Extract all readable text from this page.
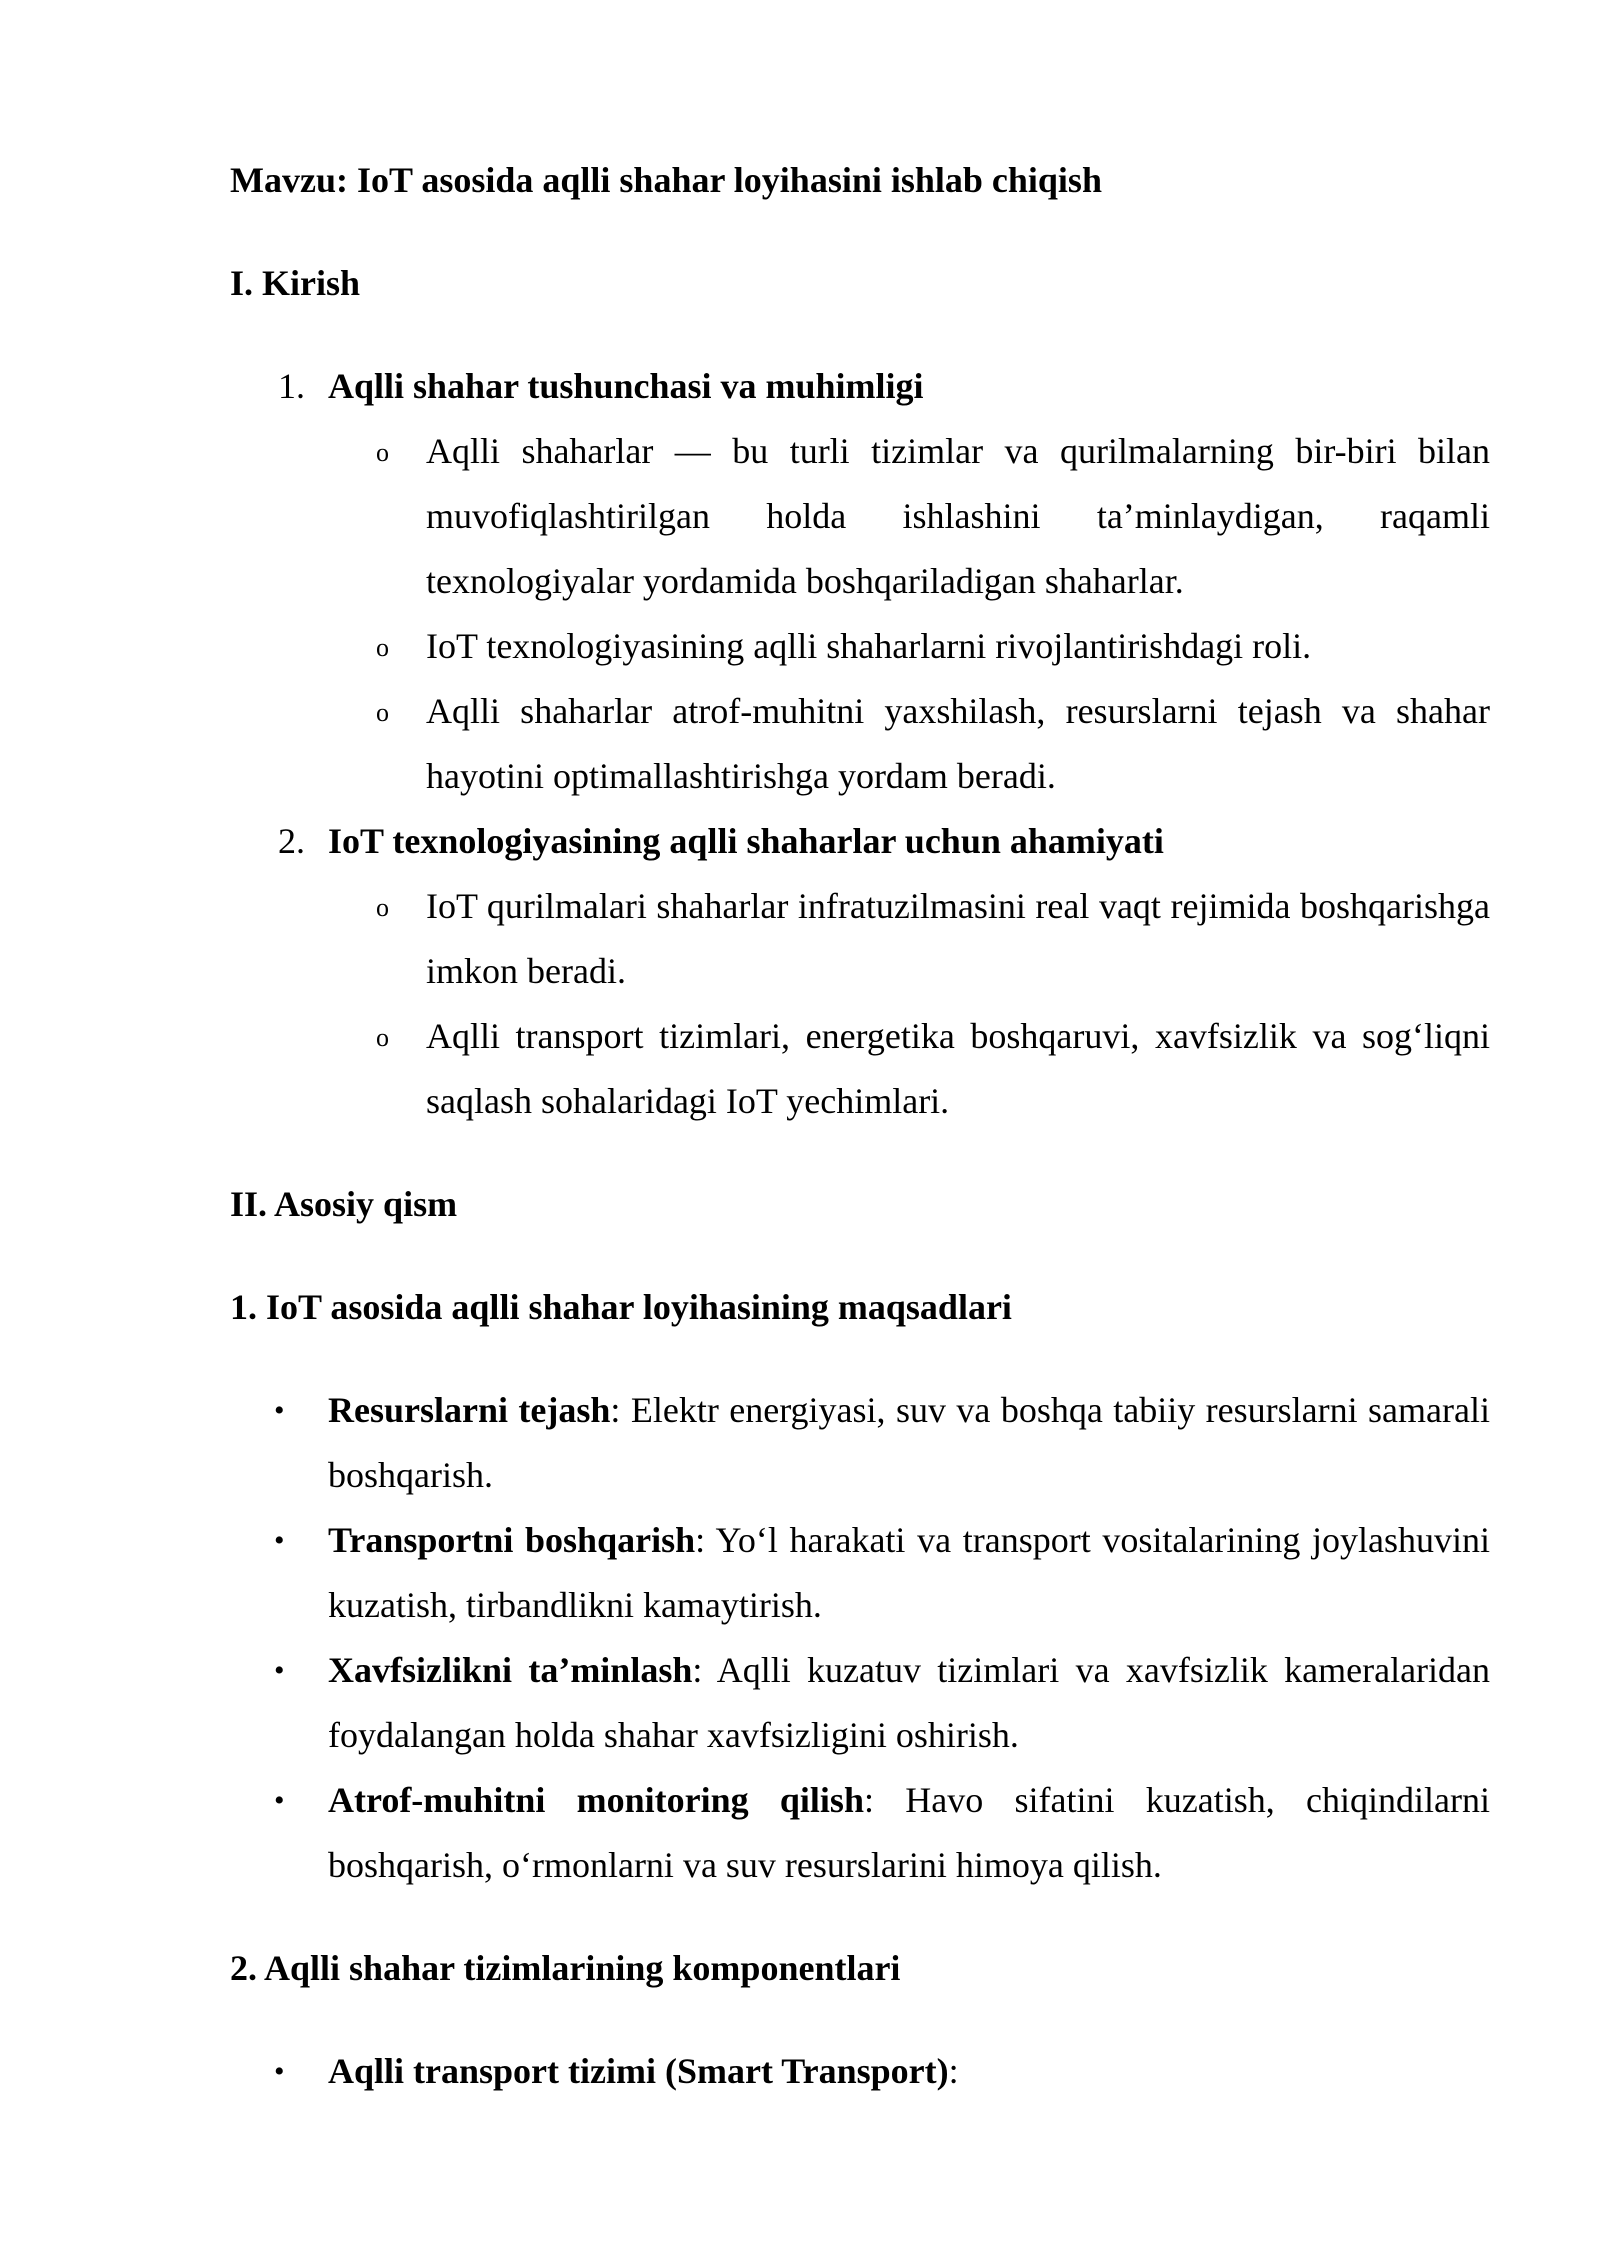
Mavzu: IoT asosida aqlli shahar loyihasini ishlab chiqish

I. Kirish

1. Aqlli shahar tushunchasi va muhimligi
o Aqlli shaharlar — bu turli tizimlar va qurilmalarning bir-biri bilan muvofiqlashtirilgan holda ishlashini ta’minlaydigan, raqamli texnologiyalar yordamida boshqariladigan shaharlar.
o IoT texnologiyasining aqlli shaharlarni rivojlantirishdagi roli.
o Aqlli shaharlar atrof-muhitni yaxshilash, resurslarni tejash va shahar hayotini optimallashtirishga yordam beradi.
2. IoT texnologiyasining aqlli shaharlar uchun ahamiyati
o IoT qurilmalari shaharlar infratuzilmasini real vaqt rejimida boshqarishga imkon beradi.
o Aqlli transport tizimlari, energetika boshqaruvi, xavfsizlik va sog‘liqni saqlash sohalaridagi IoT yechimlari.

II. Asosiy qism

1. IoT asosida aqlli shahar loyihasining maqsadlari

• Resurslarni tejash: Elektr energiyasi, suv va boshqa tabiiy resurslarni samarali boshqarish.
• Transportni boshqarish: Yo‘l harakati va transport vositalarining joylashuvini kuzatish, tirbandlikni kamaytirish.
• Xavfsizlikni ta’minlash: Aqlli kuzatuv tizimlari va xavfsizlik kameralaridan foydalangan holda shahar xavfsizligini oshirish.
• Atrof-muhitni monitoring qilish: Havo sifatini kuzatish, chiqindilarni boshqarish, o‘rmonlarni va suv resurslarini himoya qilish.

2. Aqlli shahar tizimlarining komponentlari

• Aqlli transport tizimi (Smart Transport):
